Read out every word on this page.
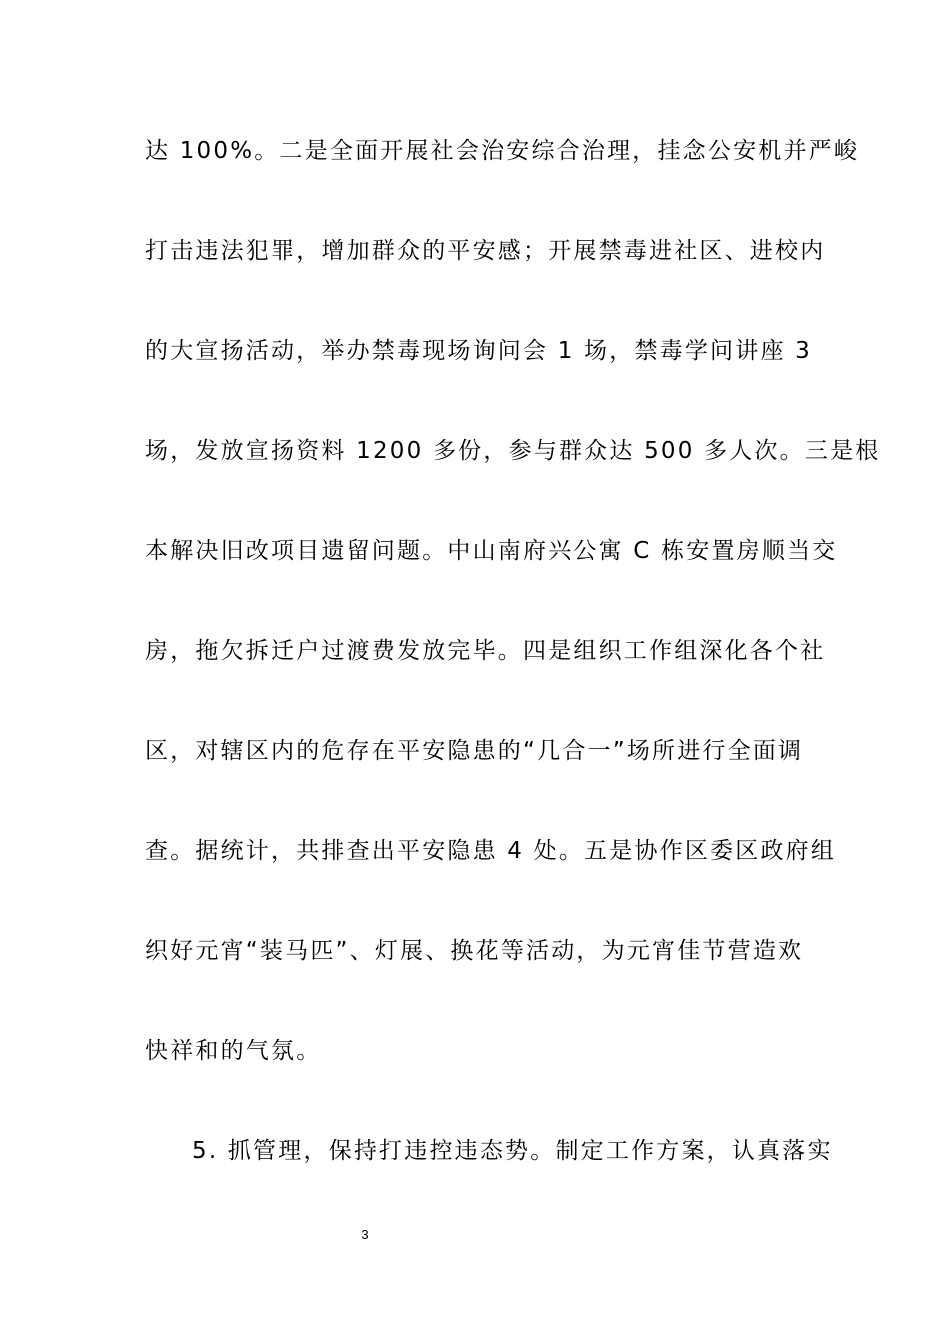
达 100%。二是全面开展社会治安综合治理，挂念公安机并严峻
打击违法犯罪，增加群众的平安感；开展禁毒进社区、进校内
的大宣扬活动，举办禁毒现场询问会 1 场，禁毒学问讲座 3
场，发放宣扬资料 1200 多份，参与群众达 500 多人次。三是根
本解决旧改项目遗留问题。中山南府兴公寓 C 栋安置房顺当交
房，拖欠拆迁户过渡费发放完毕。四是组织工作组深化各个社
区，对辖区内的危存在平安隐患的“几合一”场所进行全面调
查。据统计，共排查出平安隐患 4 处。五是协作区委区政府组
织好元宵“装马匹”、灯展、换花等活动，为元宵佳节营造欢
快祥和的气氛。
5. 抓管理，保持打违控违态势。制定工作方案，认真落实
3
